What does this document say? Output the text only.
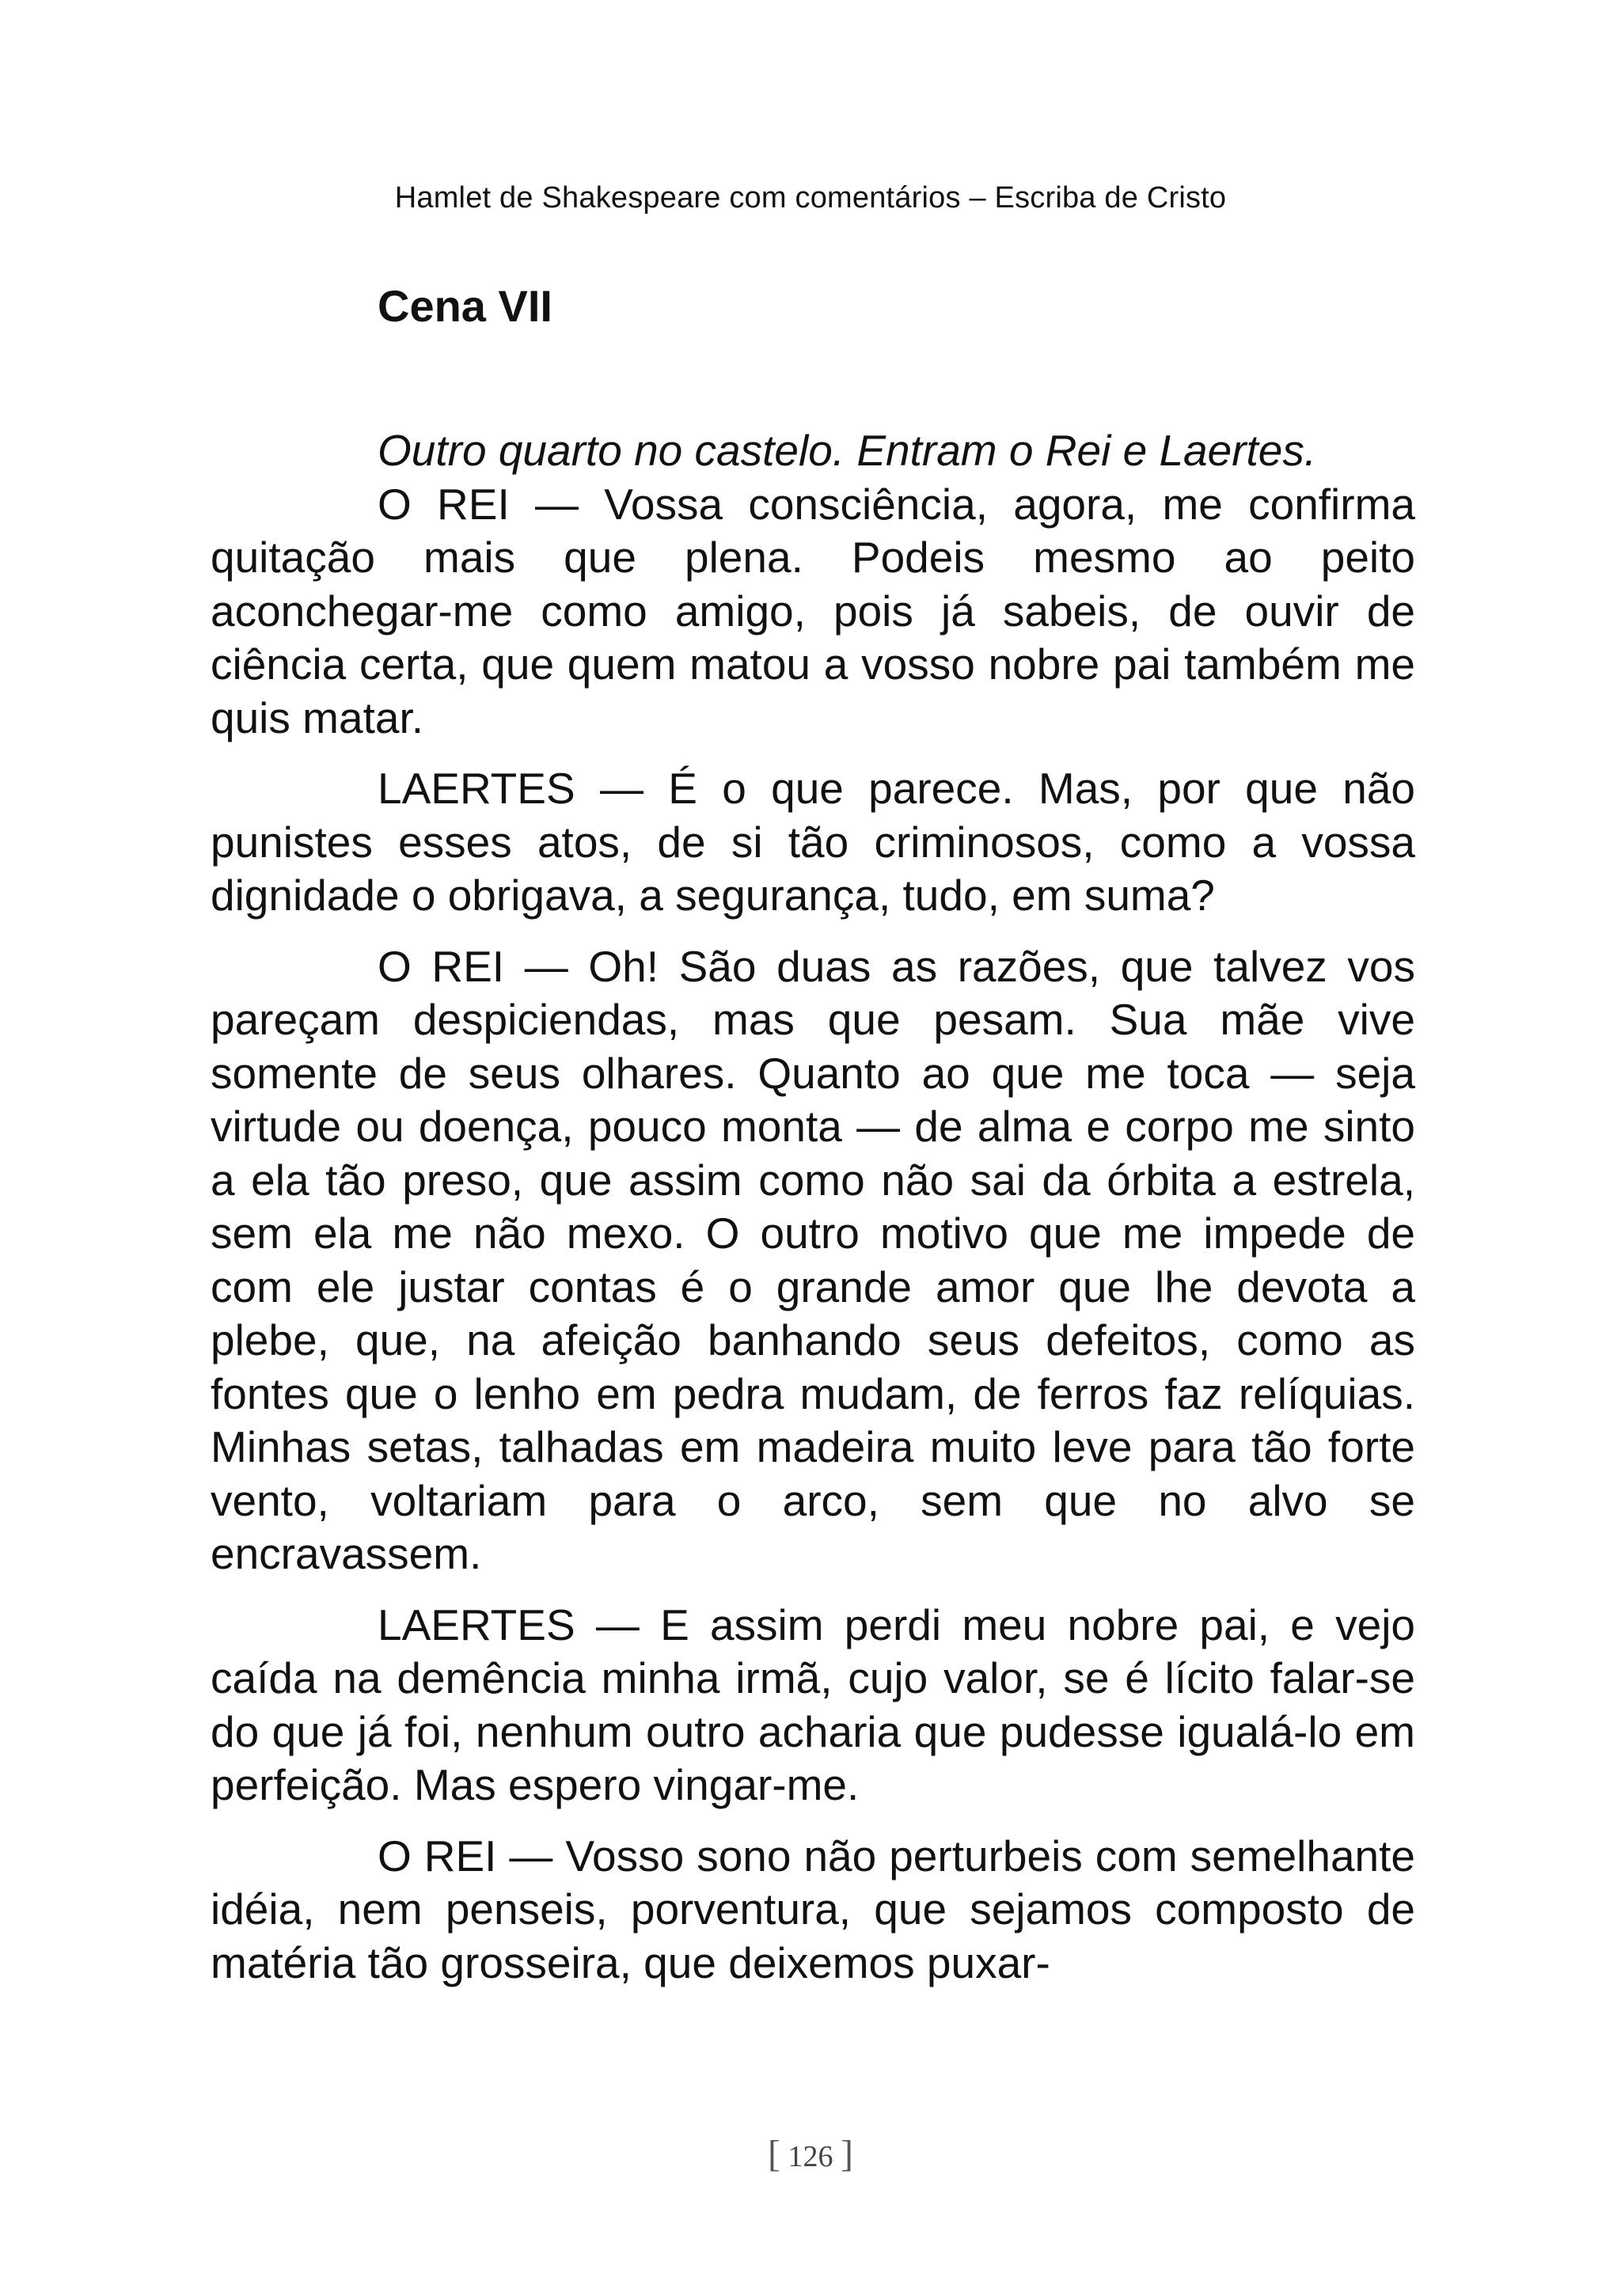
Hamlet de Shakespeare com comentários – Escriba de Cristo
Cena VII

Outro quarto no castelo. Entram o Rei e Laertes.

O REI — Vossa consciência, agora, me confirma quitação mais que plena. Podeis mesmo ao peito aconchegar-me como amigo, pois já sabeis, de ouvir de ciência certa, que quem matou a vosso nobre pai também me quis matar.

LAERTES — É o que parece. Mas, por que não punistes esses atos, de si tão criminosos, como a vossa dignidade o obrigava, a segurança, tudo, em suma?

O REI — Oh! São duas as razões, que talvez vos pareçam despiciendas, mas que pesam. Sua mãe vive somente de seus olhares. Quanto ao que me toca — seja virtude ou doença, pouco monta — de alma e corpo me sinto a ela tão preso, que assim como não sai da órbita a estrela, sem ela me não mexo. O outro motivo que me impede de com ele justar contas é o grande amor que lhe devota a plebe, que, na afeição banhando seus defeitos, como as fontes que o lenho em pedra mudam, de ferros faz relíquias. Minhas setas, talhadas em madeira muito leve para tão forte vento, voltariam para o arco, sem que no alvo se encravassem.

LAERTES — E assim perdi meu nobre pai, e vejo caída na demência minha irmã, cujo valor, se é lícito falar-se do que já foi, nenhum outro acharia que pudesse igualá-lo em perfeição. Mas espero vingar-me.

O REI — Vosso sono não perturbeis com semelhante idéia, nem penseis, porventura, que sejamos composto de matéria tão grosseira, que deixemos puxar-

[ 126 ]
